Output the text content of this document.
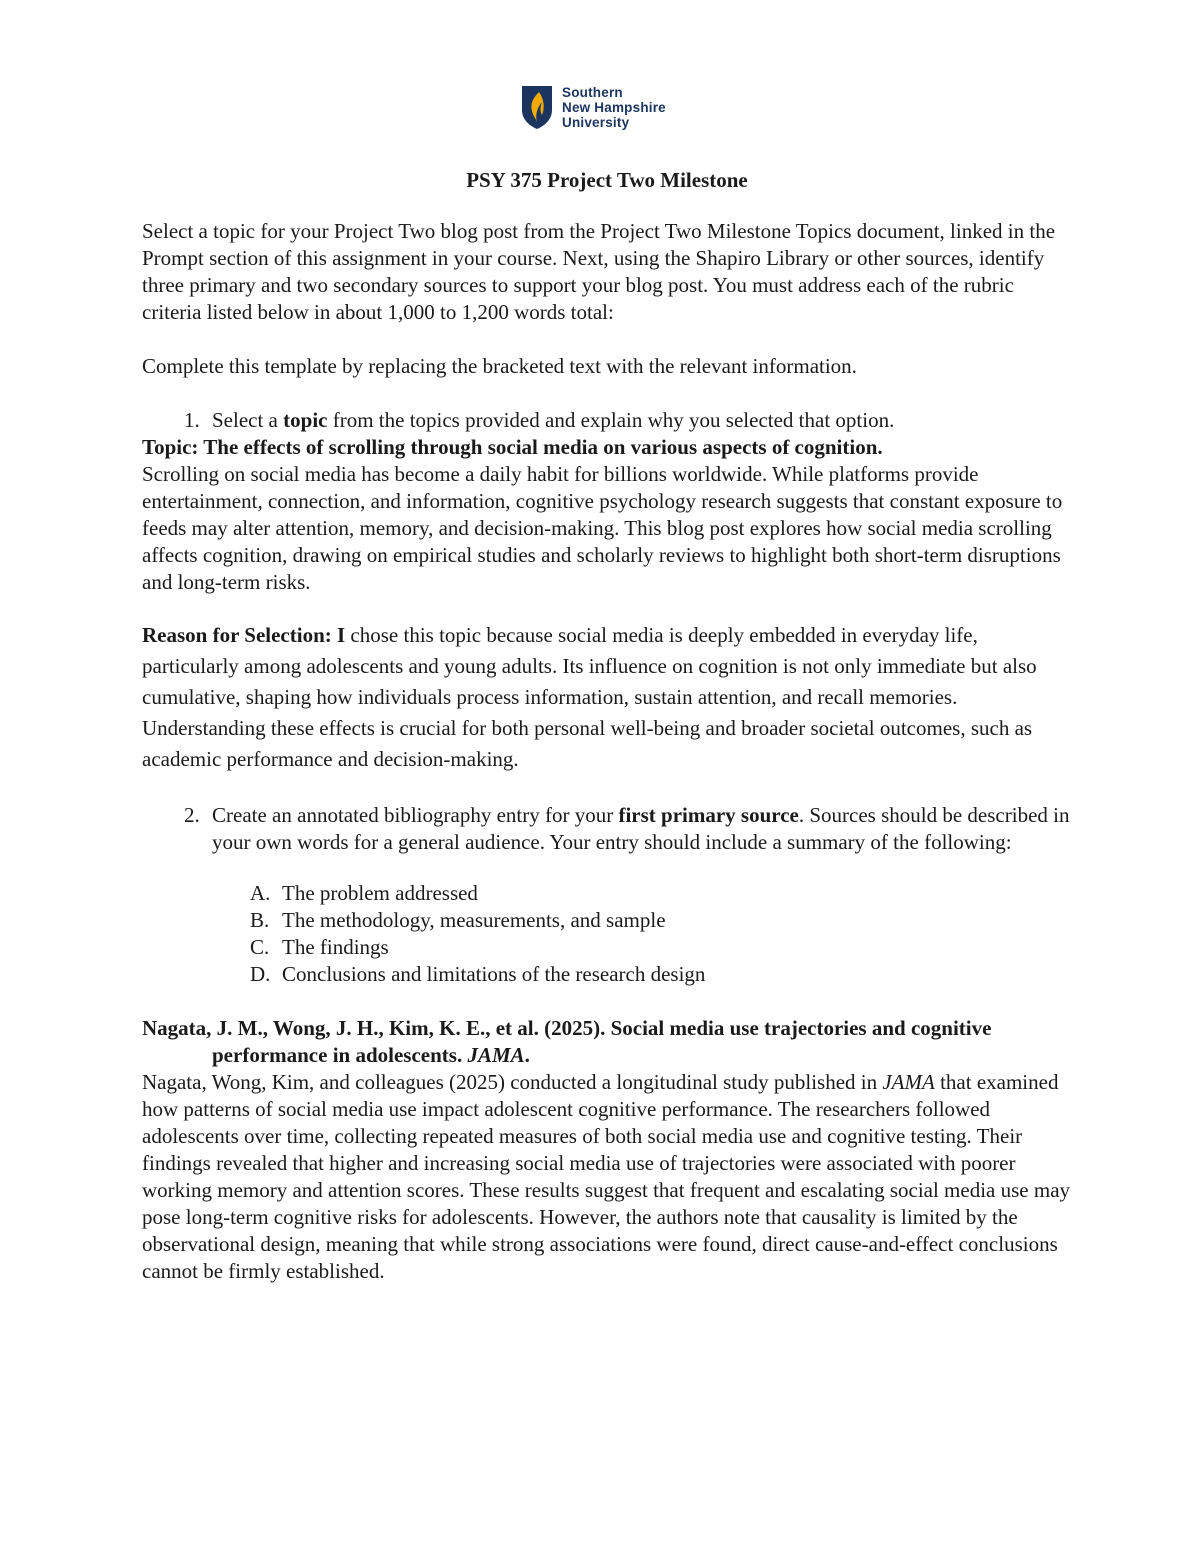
Southern
New Hampshire
University

PSY 375 Project Two Milestone

Select a topic for your Project Two blog post from the Project Two Milestone Topics document, linked in the Prompt section of this assignment in your course. Next, using the Shapiro Library or other sources, identify three primary and two secondary sources to support your blog post. You must address each of the rubric criteria listed below in about 1,000 to 1,200 words total:

Complete this template by replacing the bracketed text with the relevant information.

1. Select a topic from the topics provided and explain why you selected that option.

Topic: The effects of scrolling through social media on various aspects of cognition.

Scrolling on social media has become a daily habit for billions worldwide. While platforms provide entertainment, connection, and information, cognitive psychology research suggests that constant exposure to feeds may alter attention, memory, and decision-making. This blog post explores how social media scrolling affects cognition, drawing on empirical studies and scholarly reviews to highlight both short-term disruptions and long-term risks.

Reason for Selection: I chose this topic because social media is deeply embedded in everyday life, particularly among adolescents and young adults. Its influence on cognition is not only immediate but also cumulative, shaping how individuals process information, sustain attention, and recall memories. Understanding these effects is crucial for both personal well-being and broader societal outcomes, such as academic performance and decision-making.

2. Create an annotated bibliography entry for your first primary source. Sources should be described in your own words for a general audience. Your entry should include a summary of the following:
A. The problem addressed
B. The methodology, measurements, and sample
C. The findings
D. Conclusions and limitations of the research design

Nagata, J. M., Wong, J. H., Kim, K. E., et al. (2025). Social media use trajectories and cognitive performance in adolescents. JAMA.

Nagata, Wong, Kim, and colleagues (2025) conducted a longitudinal study published in JAMA that examined how patterns of social media use impact adolescent cognitive performance. The researchers followed adolescents over time, collecting repeated measures of both social media use and cognitive testing. Their findings revealed that higher and increasing social media use of trajectories were associated with poorer working memory and attention scores. These results suggest that frequent and escalating social media use may pose long-term cognitive risks for adolescents. However, the authors note that causality is limited by the observational design, meaning that while strong associations were found, direct cause-and-effect conclusions cannot be firmly established.
